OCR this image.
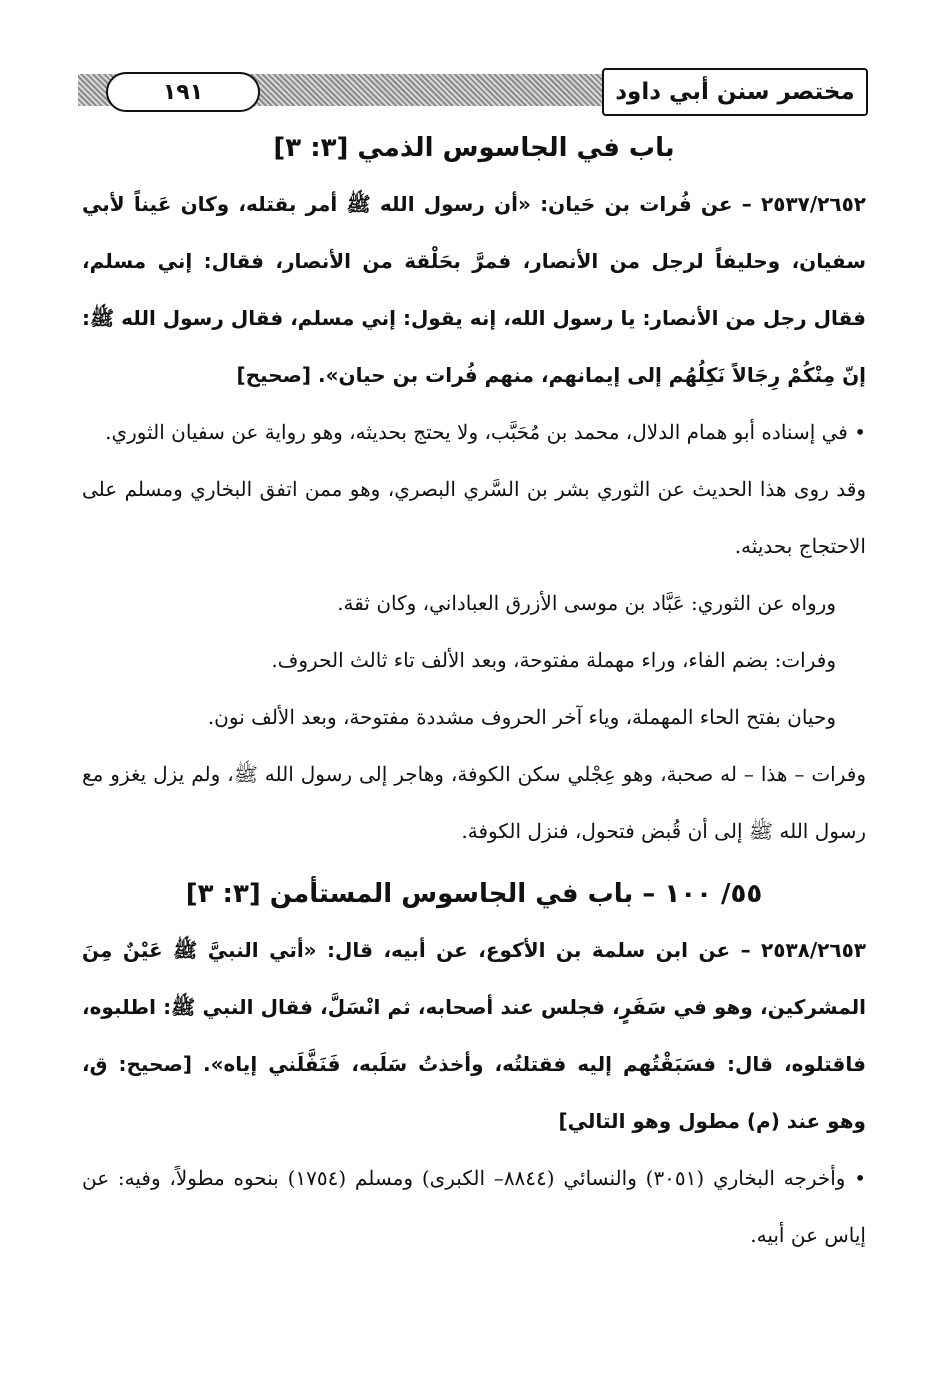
١٩١	مختصر سنن أبي داود
باب في الجاسوس الذمي [٣: ٣]

٢٥٣٧/٢٦٥٢ – عن فُرات بن حَيان: «أن رسول الله ﷺ أمر بقتله، وكان عَيناً لأبي سفيان، وحليفاً لرجل من الأنصار، فمرَّ بحَلْقة من الأنصار، فقال: إني مسلم، فقال رجل من الأنصار: يا رسول الله، إنه يقول: إني مسلم، فقال رسول الله ﷺ: إنّ مِنْكُمْ رِجَالاً نَكِلُهُم إلى إيمانهم، منهم فُرات بن حيان». [صحيح]

• في إسناده أبو همام الدلال، محمد بن مُحَبَّب، ولا يحتج بحديثه، وهو رواية عن سفيان الثوري.

وقد روى هذا الحديث عن الثوري بشر بن السَّري البصري، وهو ممن اتفق البخاري ومسلم على الاحتجاج بحديثه.

ورواه عن الثوري: عَبَّاد بن موسى الأزرق العباداني، وكان ثقة.

وفرات: بضم الفاء، وراء مهملة مفتوحة، وبعد الألف تاء ثالث الحروف.

وحيان بفتح الحاء المهملة، وياء آخر الحروف مشددة مفتوحة، وبعد الألف نون.

وفرات – هذا – له صحبة، وهو عِجْلي سكن الكوفة، وهاجر إلى رسول الله ﷺ، ولم يزل يغزو مع رسول الله ﷺ إلى أن قُبض فتحول، فنزل الكوفة.

٥٥/ ١٠٠ – باب في الجاسوس المستأمن [٣: ٣]

٢٥٣٨/٢٦٥٣ – عن ابن سلمة بن الأكوع، عن أبيه، قال: «أتي النبيَّ ﷺ عَيْنٌ مِنَ المشركين، وهو في سَفَرٍ، فجلس عند أصحابه، ثم انْسَلَّ، فقال النبي ﷺ: اطلبوه، فاقتلوه، قال: فسَبَقْتُهم إليه فقتلتُه، وأخذتُ سَلَبه، فَنَفَّلَني إياه». [صحيح: ق، وهو عند (م) مطول وهو التالي]

• وأخرجه البخاري (٣٠٥١) والنسائي (٨٨٤٤– الكبرى) ومسلم (١٧٥٤) بنحوه مطولاً، وفيه: عن إياس عن أبيه.
